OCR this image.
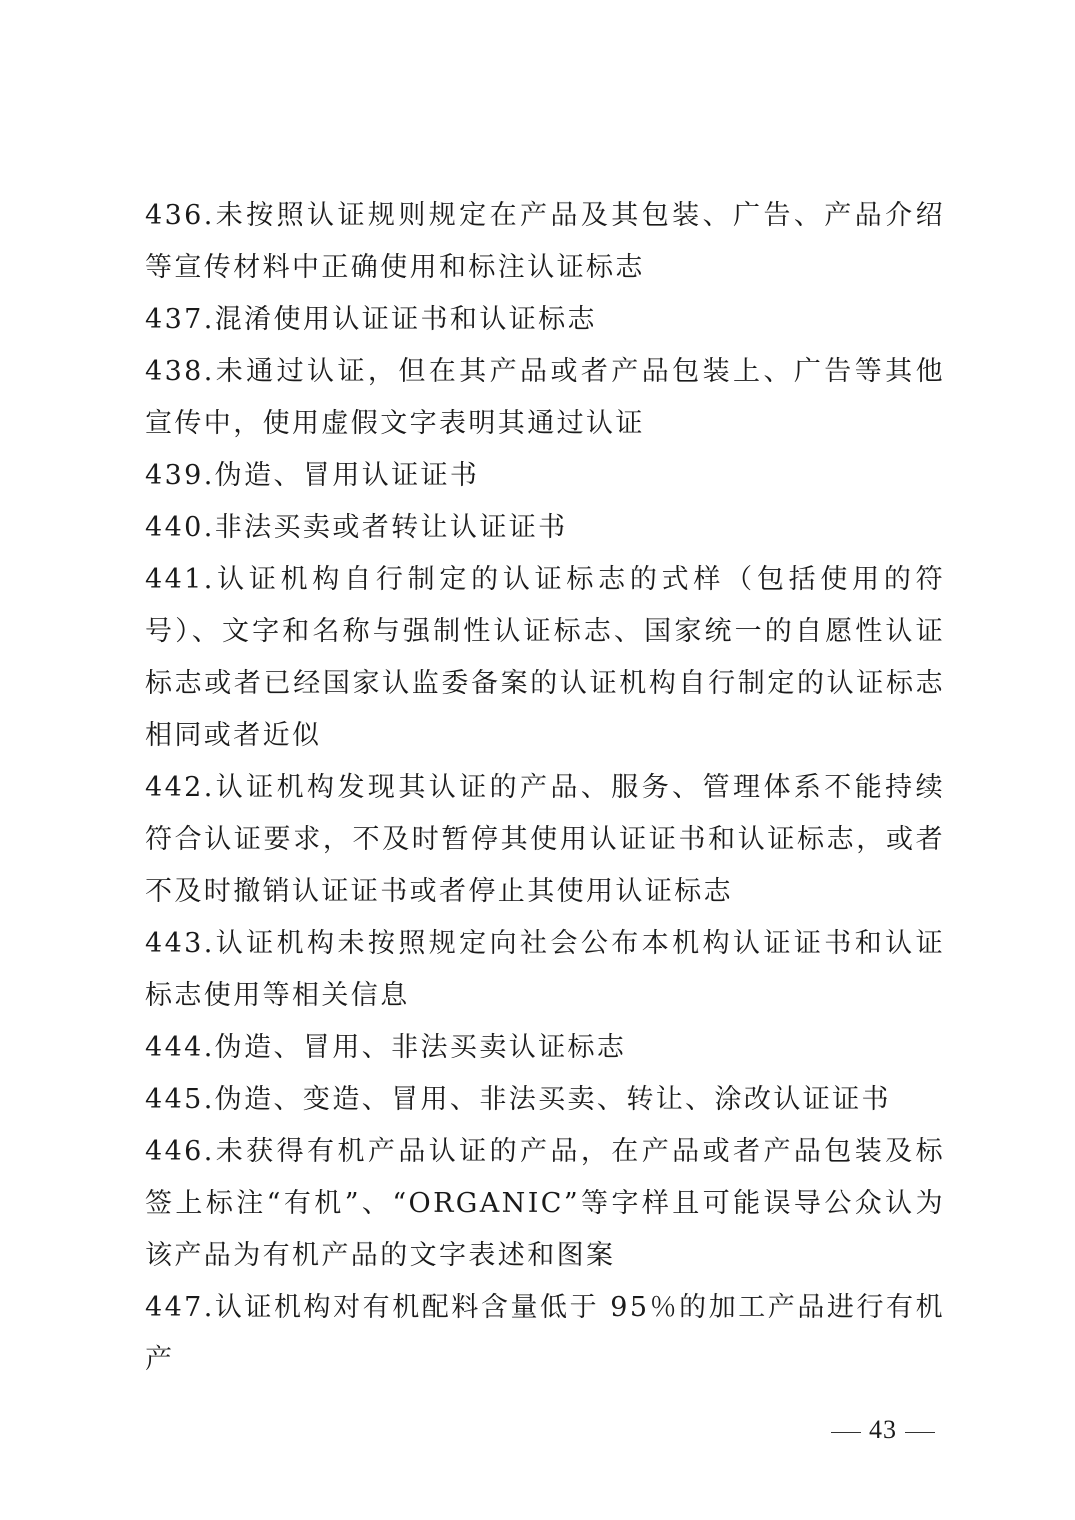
436.未按照认证规则规定在产品及其包装、广告、产品介绍等宣传材料中正确使用和标注认证标志

437.混淆使用认证证书和认证标志

438.未通过认证，但在其产品或者产品包装上、广告等其他宣传中，使用虚假文字表明其通过认证

439.伪造、冒用认证证书

440.非法买卖或者转让认证证书

441.认证机构自行制定的认证标志的式样（包括使用的符号）、文字和名称与强制性认证标志、国家统一的自愿性认证标志或者已经国家认监委备案的认证机构自行制定的认证标志相同或者近似

442.认证机构发现其认证的产品、服务、管理体系不能持续符合认证要求，不及时暂停其使用认证证书和认证标志，或者不及时撤销认证证书或者停止其使用认证标志

443.认证机构未按照规定向社会公布本机构认证证书和认证标志使用等相关信息

444.伪造、冒用、非法买卖认证标志

445.伪造、变造、冒用、非法买卖、转让、涂改认证证书

446.未获得有机产品认证的产品，在产品或者产品包装及标签上标注“有机”、“ORGANIC”等字样且可能误导公众认为该产品为有机产品的文字表述和图案

447.认证机构对有机配料含量低于 95％的加工产品进行有机产

43
